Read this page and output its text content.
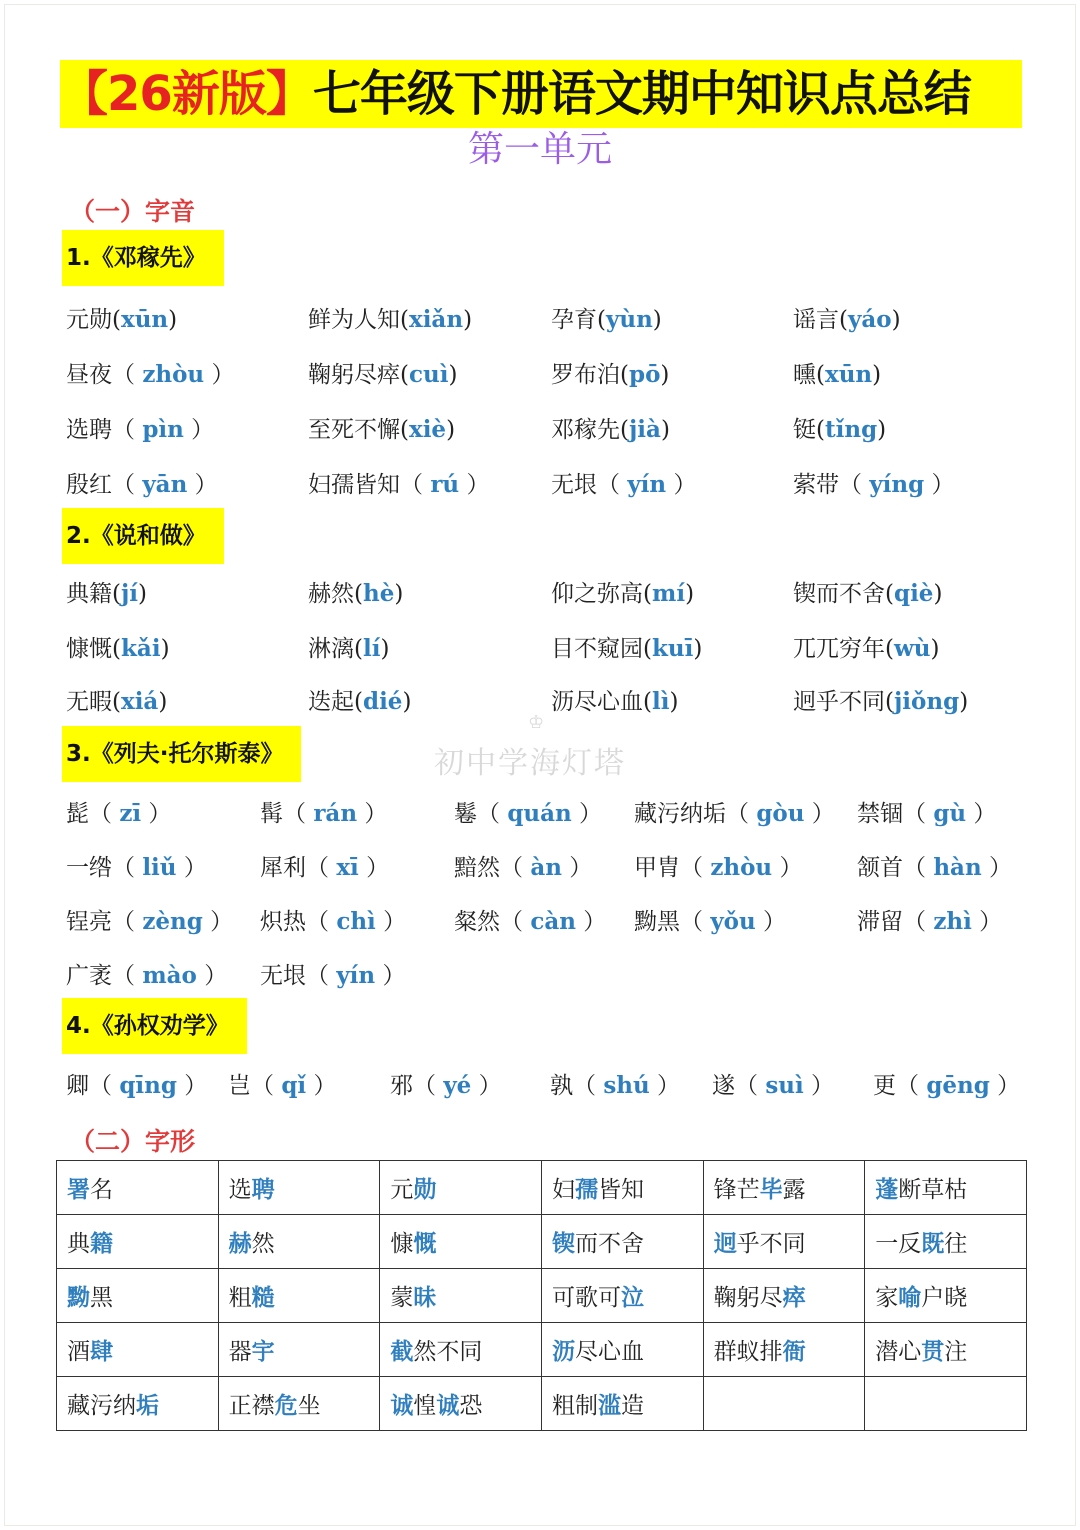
【26新版】七年级下册语文期中知识点总结
第一单元
（一）字音
♔
初中学海灯塔
1.《邓稼先》
元勋(xūn)	鲜为人知(xiǎn)	孕育(yùn)	谣言(yáo)
昼夜（ zhòu ）	鞠躬尽瘁(cuì)	罗布泊(pō)	曛(xūn)
选聘（ pìn ）	至死不懈(xiè)	邓稼先(jià)	铤(tǐng)
殷红（ yān ）	妇孺皆知（ rú ）	无垠（ yín ）	萦带（ yíng ）
2.《说和做》
典籍(jí)	赫然(hè)	仰之弥高(mí)	锲而不舍(qiè)
慷慨(kǎi)	淋漓(lí)	目不窥园(kuī)	兀兀穷年(wù)
无暇(xiá)	迭起(dié)	沥尽心血(lì)	迥乎不同(jiǒng)
3.《列夫·托尔斯泰》
髭（ zī ）	髯（ rán ）	鬈（ quán ） 藏污纳垢（ gòu ） 禁锢（ gù ）
一绺（ liǔ ） 犀利（ xī ）	黯然（ àn ） 甲胄（ zhòu ） 颔首（ hàn ）
锃亮（ zèng ） 炽热（ chì ） 粲然（ càn ） 黝黑（ yǒu ）	滞留（ zhì ）
广袤（ mào ） 无垠（ yín ）
4.《孙权劝学》
卿（ qīng ） 岂（ qǐ ） 邪（ yé ） 孰（ shú ） 遂（ suì ） 更（ gēng ）
（二）字形
署名	选聘	元勋	妇孺皆知	锋芒毕露	蓬断草枯
典籍	赫然	慷慨	锲而不舍	迥乎不同	一反既往
黝黑	粗糙	蒙昧	可歌可泣	鞠躬尽瘁	家喻户晓
酒肆	器宇	截然不同	沥尽心血	群蚁排衙	潜心贯注
藏污纳垢	正襟危坐	诚惶诚恐	粗制滥造		
